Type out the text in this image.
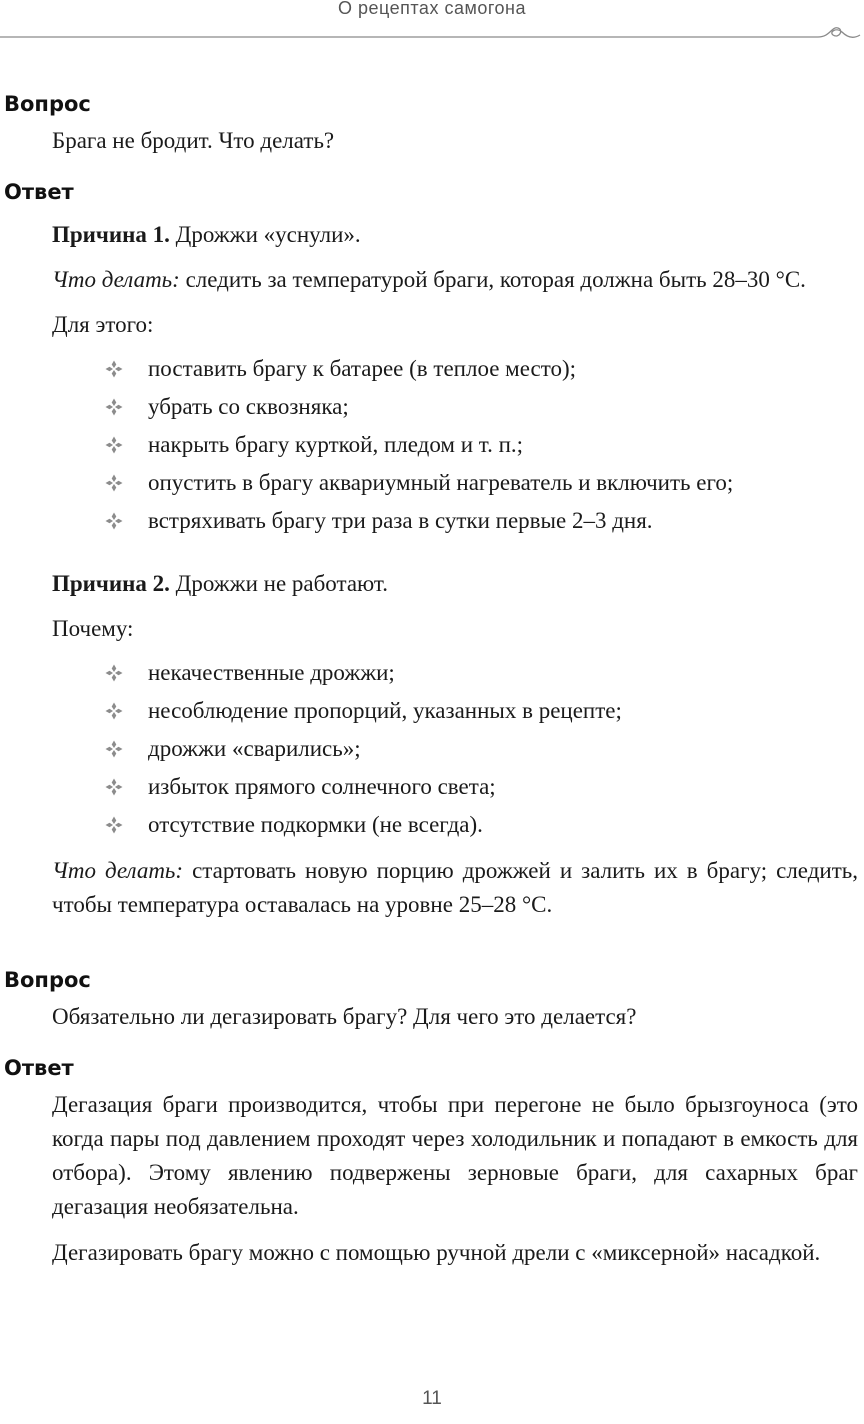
О рецептах самогона
Вопрос

Брага не бродит. Что делать?

Ответ

Причина 1. Дрожжи «уснули».

Что делать: следить за температурой браги, которая должна быть 28–30 °C.

Для этого:

поставить брагу к батарее (в теплое место);
убрать со сквозняка;
накрыть брагу курткой, пледом и т. п.;
опустить в брагу аквариумный нагреватель и включить его;
встряхивать брагу три раза в сутки первые 2–3 дня.

Причина 2. Дрожжи не работают.

Почему:

некачественные дрожжи;
несоблюдение пропорций, указанных в рецепте;
дрожжи «сварились»;
избыток прямого солнечного света;
отсутствие подкормки (не всегда).

Что делать: стартовать новую порцию дрожжей и залить их в брагу; следить, чтобы температура оставалась на уровне 25–28 °C.

Вопрос

Обязательно ли дегазировать брагу? Для чего это делается?

Ответ

Дегазация браги производится, чтобы при перегоне не было брызгоуноса (это когда пары под давлением проходят через холодильник и попадают в емкость для отбора). Этому явлению подвержены зерновые браги, для сахарных браг дегазация необязательна.

Дегазировать брагу можно с помощью ручной дрели с «миксерной» насадкой.

11
